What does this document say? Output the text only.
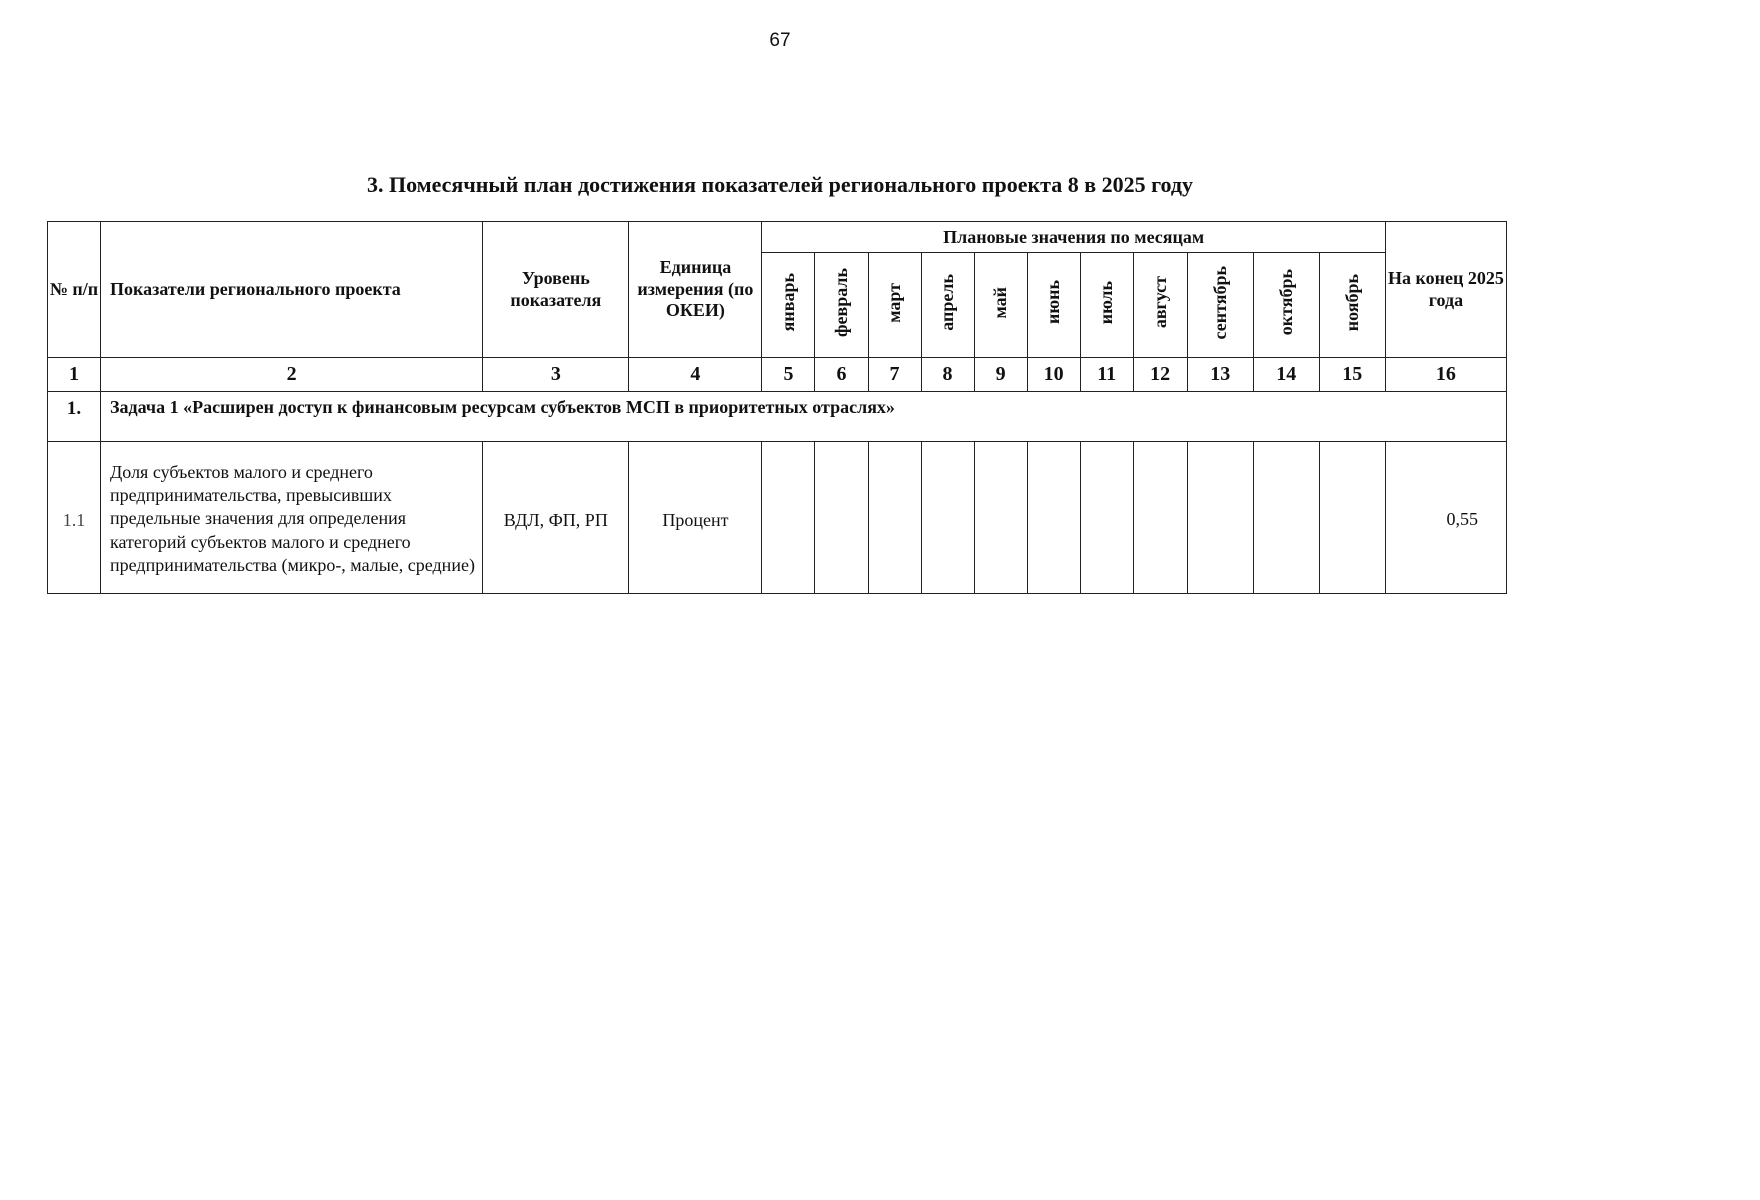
67
3. Помесячный план достижения показателей регионального проекта 8 в 2025 году
№ п/п	Показатели регионального проекта	Уровень показателя	Единица измерения (по ОКЕИ)	Плановые значения по месяцам											На конец 2025 года
				январь	февраль	март	апрель	май	июнь	июль	август	сентябрь	октябрь	ноябрь	
1	2	3	4	5	6	7	8	9	10	11	12	13	14	15	16
1.	Задача 1 «Расширен доступ к финансовым ресурсам субъектов МСП в приоритетных отраслях»														
1.1	Доля субъектов малого и среднего предпринимательства, превысивших предельные значения для определения категорий субъектов малого и среднего предпринимательства (микро-, малые, средние)	ВДЛ, ФП, РП	Процент												0,55
